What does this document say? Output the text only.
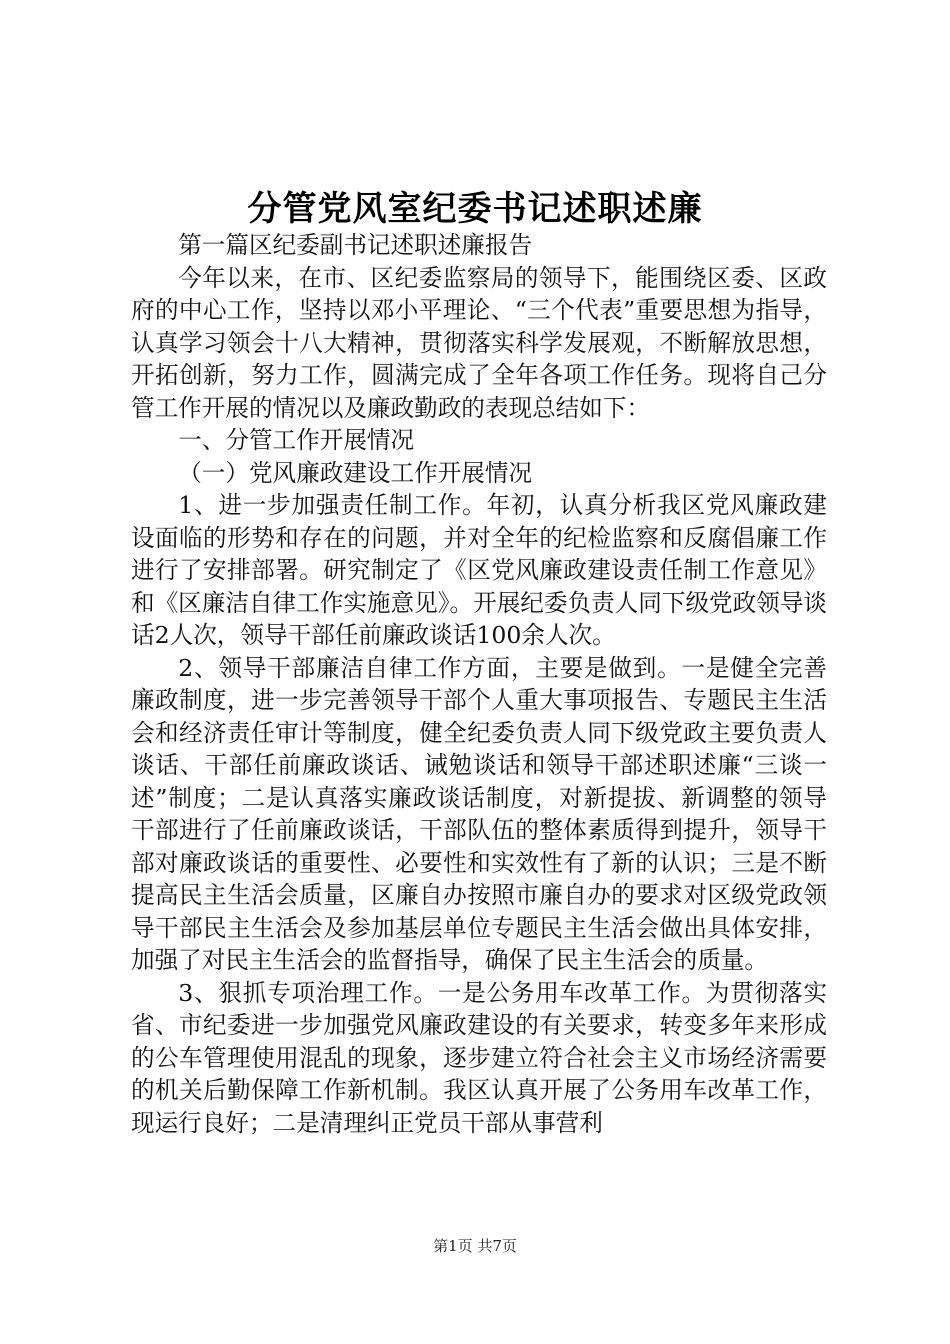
分管党风室纪委书记述职述廉

第一篇区纪委副书记述职述廉报告

今年以来，在市、区纪委监察局的领导下，能围绕区委、区政府的中心工作，坚持以邓小平理论、“三个代表”重要思想为指导，认真学习领会十八大精神，贯彻落实科学发展观，不断解放思想，开拓创新，努力工作，圆满完成了全年各项工作任务。现将自己分管工作开展的情况以及廉政勤政的表现总结如下：

一、分管工作开展情况

（一）党风廉政建设工作开展情况

1、进一步加强责任制工作。年初，认真分析我区党风廉政建设面临的形势和存在的问题，并对全年的纪检监察和反腐倡廉工作进行了安排部署。研究制定了《区党风廉政建设责任制工作意见》和《区廉洁自律工作实施意见》。开展纪委负责人同下级党政领导谈话2人次，领导干部任前廉政谈话100余人次。

2、领导干部廉洁自律工作方面，主要是做到。一是健全完善廉政制度，进一步完善领导干部个人重大事项报告、专题民主生活会和经济责任审计等制度，健全纪委负责人同下级党政主要负责人谈话、干部任前廉政谈话、诫勉谈话和领导干部述职述廉“三谈一述”制度；二是认真落实廉政谈话制度，对新提拔、新调整的领导干部进行了任前廉政谈话，干部队伍的整体素质得到提升，领导干部对廉政谈话的重要性、必要性和实效性有了新的认识；三是不断提高民主生活会质量，区廉自办按照市廉自办的要求对区级党政领导干部民主生活会及参加基层单位专题民主生活会做出具体安排，加强了对民主生活会的监督指导，确保了民主生活会的质量。

3、狠抓专项治理工作。一是公务用车改革工作。为贯彻落实省、市纪委进一步加强党风廉政建设的有关要求，转变多年来形成的公车管理使用混乱的现象，逐步建立符合社会主义市场经济需要的机关后勤保障工作新机制。我区认真开展了公务用车改革工作，现运行良好；二是清理纠正党员干部从事营利

第1页 共7页
